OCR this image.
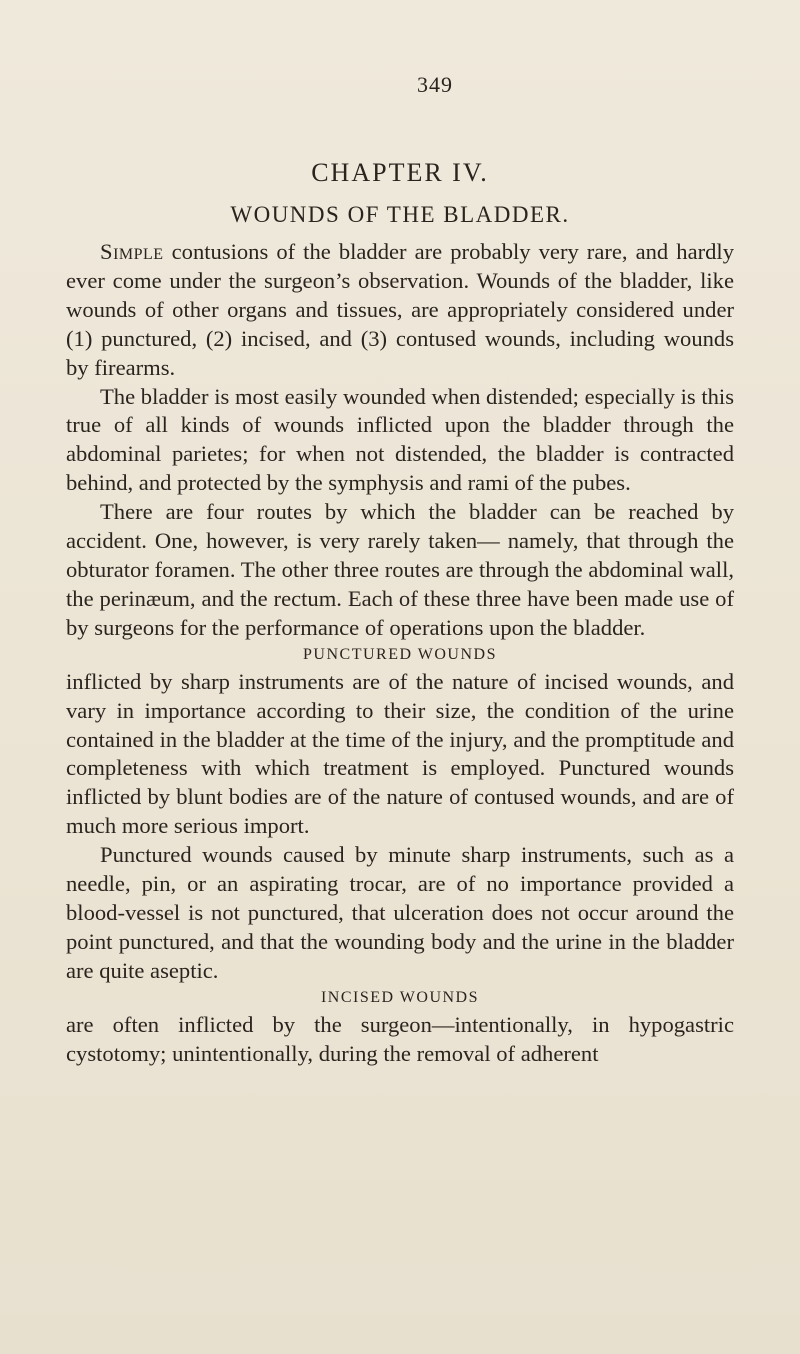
349
CHAPTER IV.
WOUNDS OF THE BLADDER.

Simple contusions of the bladder are probably very rare, and hardly ever come under the surgeon’s observation. Wounds of the bladder, like wounds of other organs and tissues, are appropriately considered under (1) punctured, (2) incised, and (3) contused wounds, including wounds by firearms.

The bladder is most easily wounded when distended; especially is this true of all kinds of wounds inflicted upon the bladder through the abdominal parietes; for when not distended, the bladder is contracted behind, and protected by the symphysis and rami of the pubes.

There are four routes by which the bladder can be reached by accident. One, however, is very rarely taken— namely, that through the obturator foramen. The other three routes are through the abdominal wall, the perinæum, and the rectum. Each of these three have been made use of by surgeons for the performance of operations upon the bladder.

PUNCTURED WOUNDS

inflicted by sharp instruments are of the nature of incised wounds, and vary in importance according to their size, the condition of the urine contained in the bladder at the time of the injury, and the promptitude and completeness with which treatment is employed. Punctured wounds inflicted by blunt bodies are of the nature of contused wounds, and are of much more serious import.

Punctured wounds caused by minute sharp instruments, such as a needle, pin, or an aspirating trocar, are of no importance provided a blood-vessel is not punctured, that ulceration does not occur around the point punctured, and that the wounding body and the urine in the bladder are quite aseptic.

INCISED WOUNDS

are often inflicted by the surgeon—intentionally, in hypogastric cystotomy; unintentionally, during the removal of adherent
